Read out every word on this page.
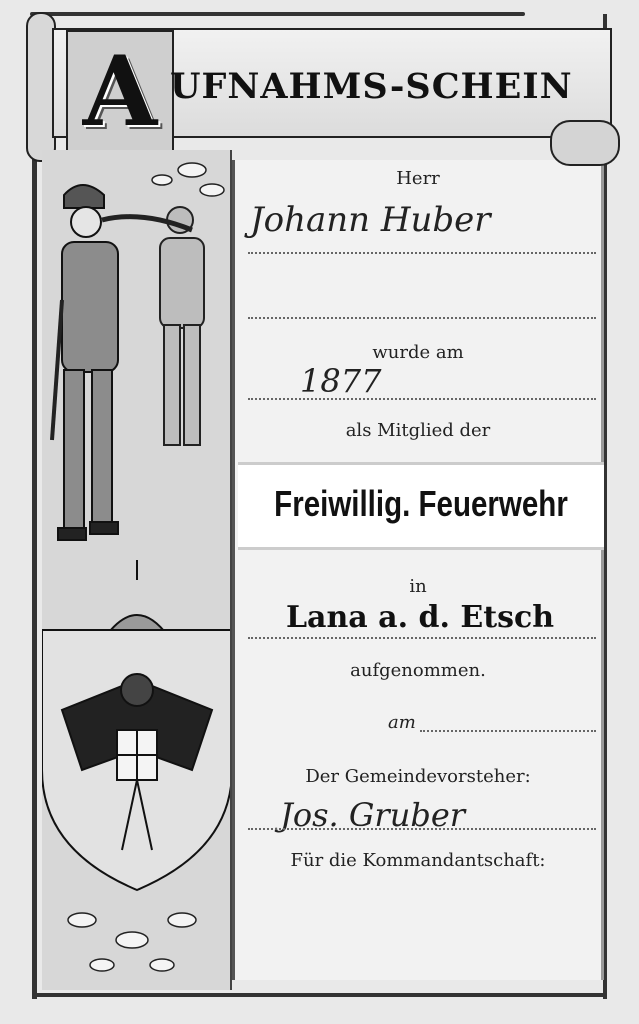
A UFNAHMS-SCHEIN
Herr
Johann Huber
wurde am
1877
als Mitglied der
Freiwillig. Feuerwehr
in
Lana a. d. Etsch
aufgenommen.
am
Der Gemeindevorsteher:
Jos. Gruber
Für die Kommandantschaft:
